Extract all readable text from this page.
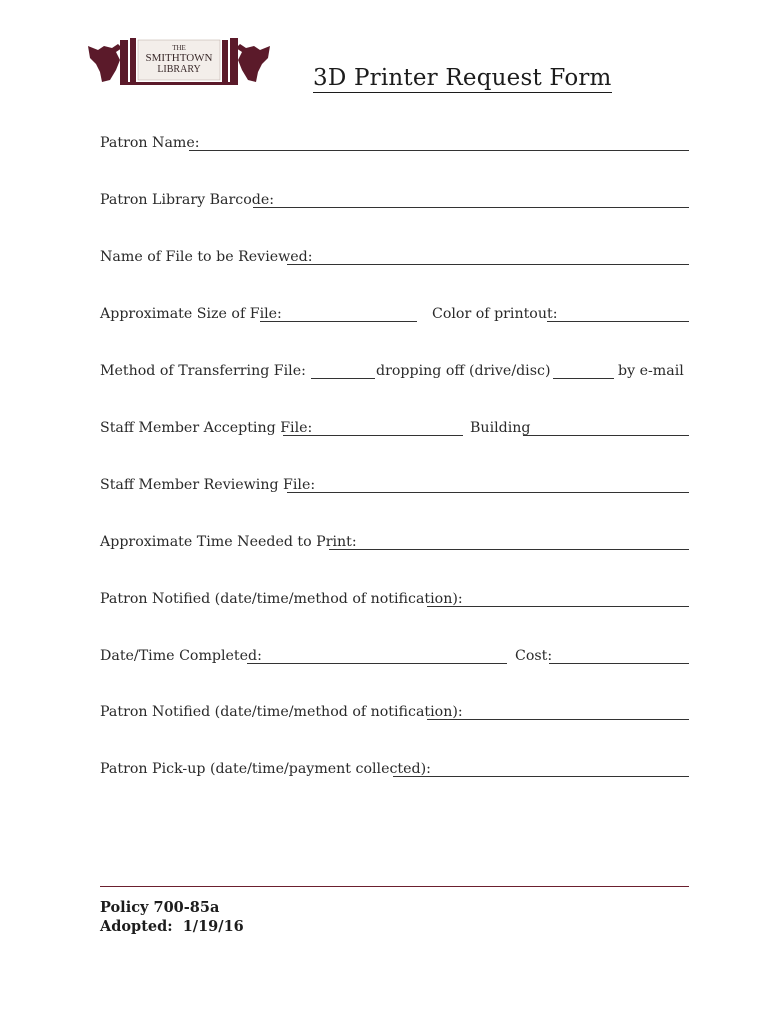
THE
SMITHTOWN
LIBRARY	3D Printer Request Form
Patron Name:
Patron Library Barcode:
Name of File to be Reviewed:
Approximate Size of File:	Color of printout:
Method of Transferring File:	dropping off (drive/disc)	by e-mail
Staff Member Accepting File:	Building
Staff Member Reviewing File:
Approximate Time Needed to Print:
Patron Notified (date/time/method of notification):
Date/Time Completed:	Cost:
Patron Notified (date/time/method of notification):
Patron Pick-up (date/time/payment collected):
Policy 700-85a
Adopted:  1/19/16
